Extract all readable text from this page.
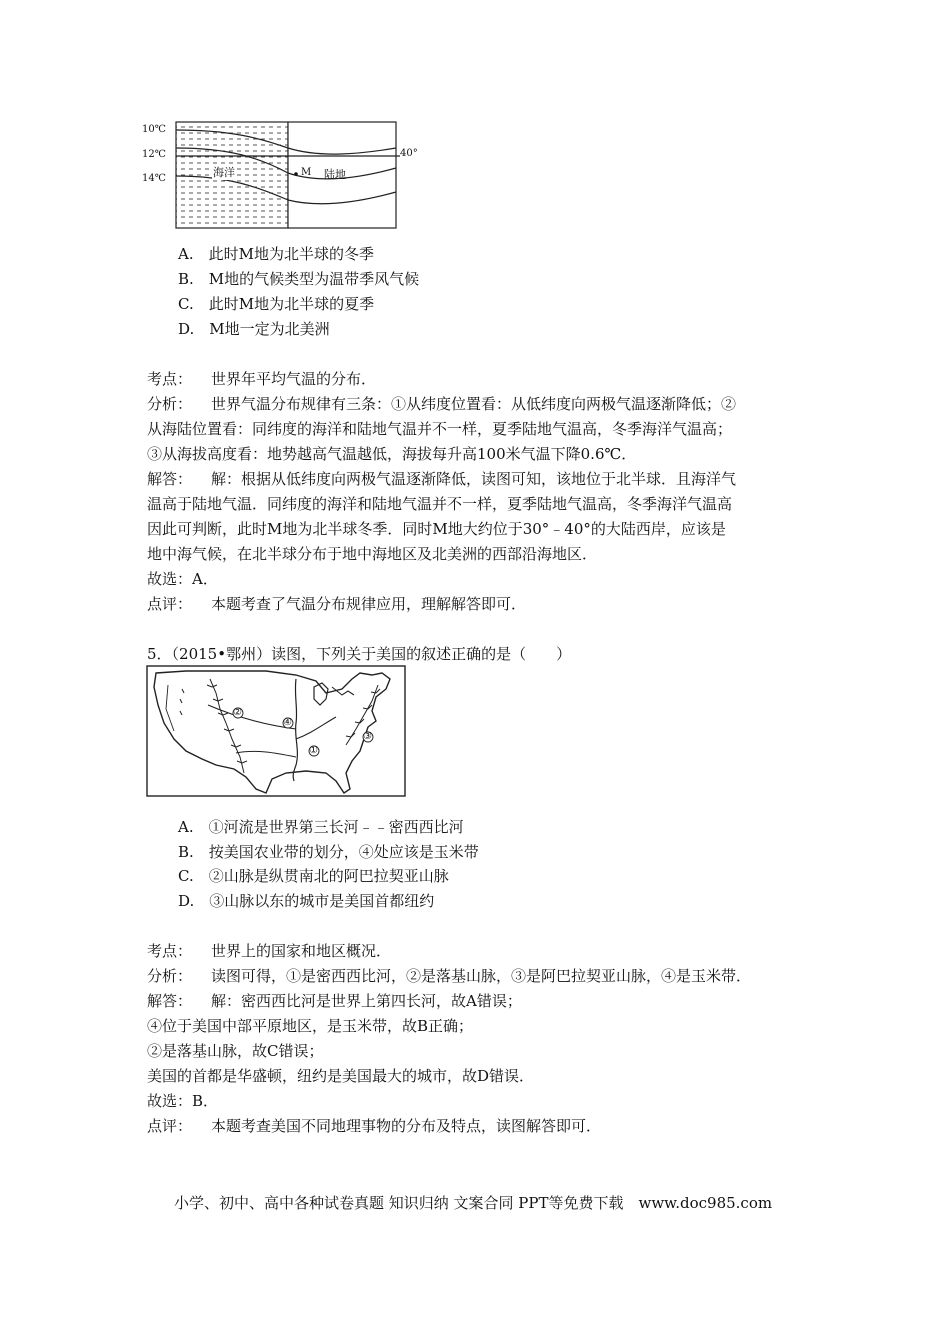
10℃
12℃
14℃
40°
海洋	M 陆地
A.　此时M地为北半球的冬季
B.　M地的气候类型为温带季风气候
C.　此时M地为北半球的夏季
D.　M地一定为北美洲
考点： 世界年平均气温的分布．
分析： 世界气温分布规律有三条：①从纬度位置看：从低纬度向两极气温逐渐降低；②
从海陆位置看：同纬度的海洋和陆地气温并不一样，夏季陆地气温高，冬季海洋气温高；
③从海拔高度看：地势越高气温越低，海拔每升高100米气温下降0.6℃．
解答： 解：根据从低纬度向两极气温逐渐降低，读图可知，该地位于北半球．且海洋气
温高于陆地气温．同纬度的海洋和陆地气温并不一样，夏季陆地气温高，冬季海洋气温高
因此可判断，此时M地为北半球冬季．同时M地大约位于30°﹣40°的大陆西岸，应该是
地中海气候，在北半球分布于地中海地区及北美洲的西部沿海地区．
故选：A．
点评： 本题考查了气温分布规律应用，理解解答即可．
5．（2015•鄂州）读图，下列关于美国的叙述正确的是（　　）
①
②
③
④
A.　①河流是世界第三长河﹣﹣密西西比河
B.　按美国农业带的划分，④处应该是玉米带
C.　②山脉是纵贯南北的阿巴拉契亚山脉
D.　③山脉以东的城市是美国首都纽约
考点： 世界上的国家和地区概况．
分析： 读图可得，①是密西西比河，②是落基山脉，③是阿巴拉契亚山脉，④是玉米带．
解答： 解：密西西比河是世界上第四长河，故A错误；
④位于美国中部平原地区，是玉米带，故B正确；
②是落基山脉，故C错误；
美国的首都是华盛顿，纽约是美国最大的城市，故D错误．
故选：B．
点评： 本题考查美国不同地理事物的分布及特点，读图解答即可．
小学、初中、高中各种试卷真题 知识归纳 文案合同 PPT等免费下载　www.doc985.com
